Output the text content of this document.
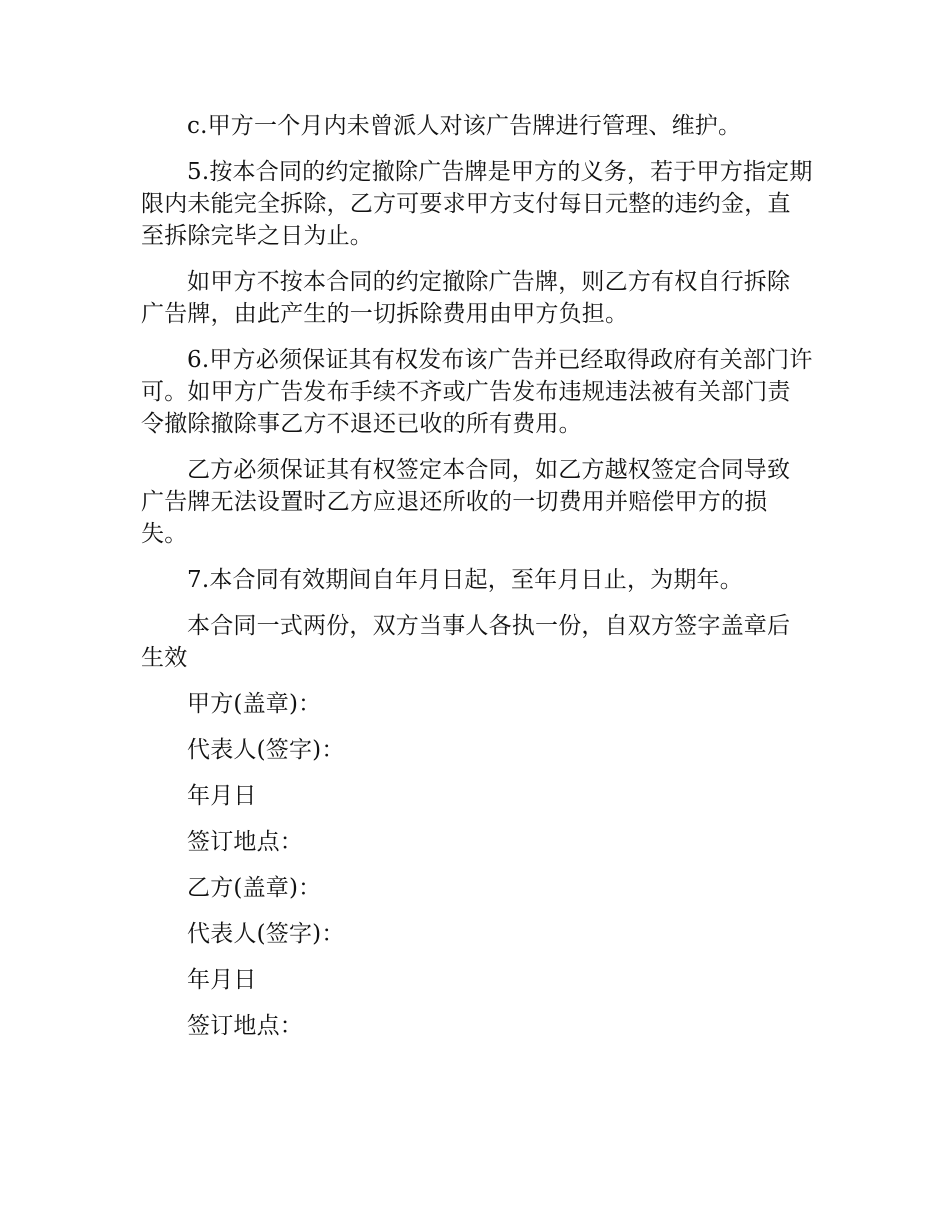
c.甲方一个月内未曾派人对该广告牌进行管理、维护。

5.按本合同的约定撤除广告牌是甲方的义务，若于甲方指定期限内未能完全拆除，乙方可要求甲方支付每日元整的违约金，直至拆除完毕之日为止。

如甲方不按本合同的约定撤除广告牌，则乙方有权自行拆除广告牌，由此产生的一切拆除费用由甲方负担。

6.甲方必须保证其有权发布该广告并已经取得政府有关部门许可。如甲方广告发布手续不齐或广告发布违规违法被有关部门责令撤除撤除事乙方不退还已收的所有费用。

乙方必须保证其有权签定本合同，如乙方越权签定合同导致广告牌无法设置时乙方应退还所收的一切费用并赔偿甲方的损失。

7.本合同有效期间自年月日起，至年月日止，为期年。

本合同一式两份，双方当事人各执一份，自双方签字盖章后生效

甲方(盖章)：

代表人(签字)：

年月日

签订地点：

乙方(盖章)：

代表人(签字)：

年月日

签订地点：
